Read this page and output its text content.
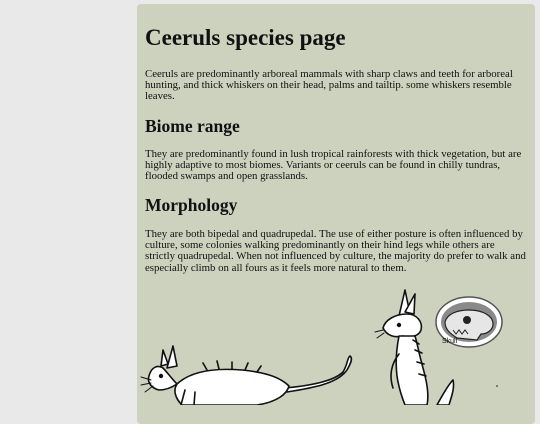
Ceeruls species page

Ceeruls are predominantly arboreal mammals with sharp claws and teeth for arboreal hunting, and thick whiskers on their head, palms and tailtip. some whiskers resemble leaves.

Biome range

They are predominantly found in lush tropical rainforests with thick vegetation, but are highly adaptive to most biomes. Variants or ceeruls can be found in chilly tundras, flooded swamps and open grasslands.

Morphology

They are both bipedal and quadrupedal. The use of either posture is often influenced by culture, some colonies walking predominantly on their hind legs while others are strictly quadrupedal. When not influenced by culture, the majority do prefer to walk and especially climb on all fours as it feels more natural to them.

Skull
